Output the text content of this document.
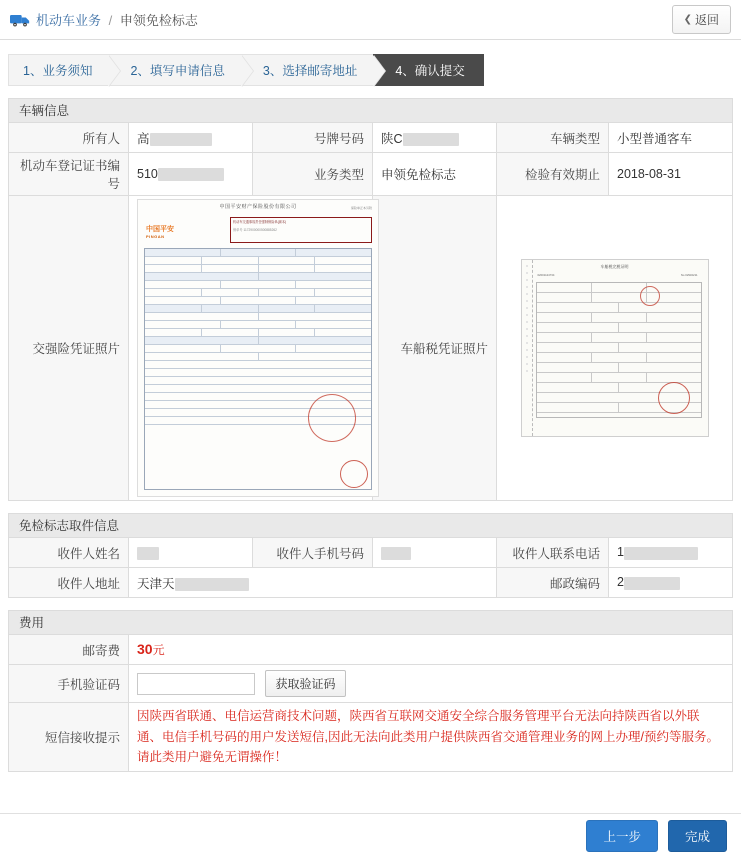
机动车业务 / 申领免检标志	❮ 返回
1、业务须知	2、填写申请信息	3、选择邮寄地址	4、确认提交
车辆信息
所有人	高	号牌号码	陕C	车辆类型	小型普通客车
机动车登记证书编号	510	业务类型	申领免检标志	检验有效期止	2018-08-31
交强险凭证照片	
中国平安财产保险股份有限公司
机动车交通事故责任强制保险单(副本)
保单号 1172900000500885262
保险单正本另附
中国平安
PINGAN
	车船税凭证照片	
车船税完税证明
02001124734	No 02932211
免检标志取件信息
收件人姓名		收件人手机号码		收件人联系电话	1
收件人地址	天津天			邮政编码	2
费用
邮寄费	30元
手机验证码	获取验证码
短信接收提示	因陕西省联通、电信运营商技术问题，陕西省互联网交通安全综合服务管理平台无法向持陕西省以外联通、电信手机号码的用户发送短信,因此无法向此类用户提供陕西省交通管理业务的网上办理/预约等服务。请此类用户避免无谓操作！
上一步	完成
